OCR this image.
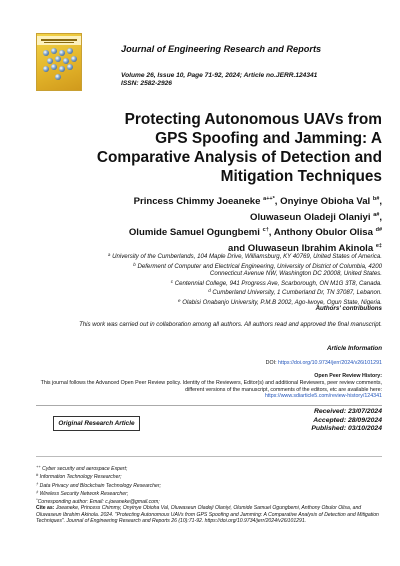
Journal of Engineering Research and Reports
Volume 26, Issue 10, Page 71-92, 2024; Article no.JERR.124341
ISSN: 2582-2926
Protecting Autonomous UAVs from
GPS Spoofing and Jamming: A
Comparative Analysis of Detection and
Mitigation Techniques
Princess Chimmy Joeaneke $^{a++*}$, Onyinye Obioha Val $^{b\#}$,
Oluwaseun Oladeji Olaniyi $^{a\#}$,
Olumide Samuel Ogungbemi $^{c\dagger}$, Anthony Obulor Olisa $^{d\#}$
and Oluwaseun Ibrahim Akinola $^{e\ddagger}$
$^a$ University of the Cumberlands, 104 Maple Drive, Williamsburg, KY 40769, United States of America.
$^b$ Deferment of Computer and Electrical Engineering, University of District of Columbia, 4200
Connecticut Avenue NW, Washington DC 20008, United States.
$^c$ Centennial College, 941 Progress Ave, Scarborough, ON M1G 3T8, Canada.
$^d$ Cumberland University, 1 Cumberland Dr, TN 37087, Lebanon.
$^e$ Olabisi Onabanjo University, P.M.B 2002, Ago-Iwoye, Ogun State, Nigeria.
Authors' contributions
This work was carried out in collaboration among all authors. All authors read and approved the final manuscript.
Article Information
DOI: https://doi.org/10.9734/jerr/2024/v26i101291
Open Peer Review History:
This journal follows the Advanced Open Peer Review policy. Identity of the Reviewers, Editor(s) and additional Reviewers, peer review comments, different versions of the manuscript, comments of the editors, etc are available here:
https://www.sdiarticle5.com/review-history/124341
Received: 23/07/2024
Accepted: 28/09/2024
Published: 03/10/2024
Original Research Article
++ Cyber security and aerospace Expert;
# Information Technology Researcher;
† Data Privacy and Blockchain Technology Researcher;
‡ Wireless Security Network Researcher;
*Corresponding author: Email: c.joeaneke@gmail.com;
Cite as: Joeaneke, Princess Chimmy, Onyinye Obioha Val, Oluwaseun Oladeji Olaniyi, Olumide Samuel Ogungbemi, Anthony Obulor Olisa, and Oluwaseun Ibrahim Akinola. 2024. "Protecting Autonomous UAVs from GPS Spoofing and Jamming: A Comparative Analysis of Detection and Mitigation Techniques". Journal of Engineering Research and Reports 26 (10):71-92. https://doi.org/10.9734/jerr/2024/v26i101291.
